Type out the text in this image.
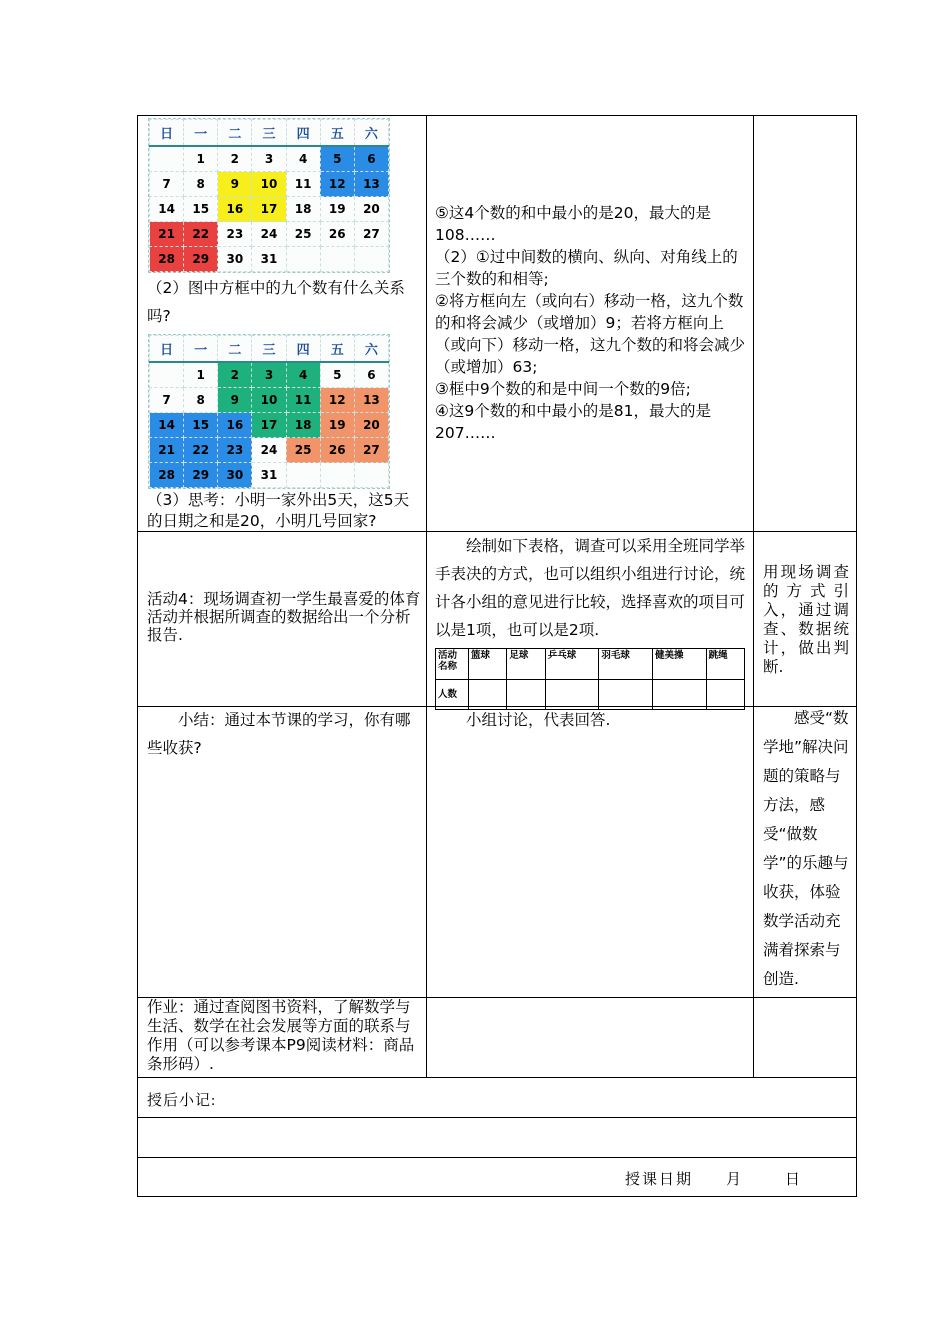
日	一	二	三	四	五	六
	1	2	3	4	5	6
7	8	9	10	11	12	13
14	15	16	17	18	19	20
21	22	23	24	25	26	27
28	29	30	31			
（2）图中方框中的九个数有什么关系吗?
日	一	二	三	四	五	六
	1	2	3	4	5	6
7	8	9	10	11	12	13
14	15	16	17	18	19	20
21	22	23	24	25	26	27
28	29	30	31			
（3）思考：小明一家外出5天，这5天的日期之和是20，小明几号回家?

⑤这4个数的和中最小的是20，最大的是108……

（2）①过中间数的横向、纵向、对角线上的三个数的和相等;

②将方框向左（或向右）移动一格，这九个数的和将会减少（或增加）9；若将方框向上（或向下）移动一格，这九个数的和将会减少（或增加）63;

③框中9个数的和是中间一个数的9倍;

④这9个数的和中最小的是81，最大的是207……

活动4：现场调查初一学生最喜爱的体育活动并根据所调查的数据给出一个分析报告.
绘制如下表格，调查可以采用全班同学举手表决的方式，也可以组织小组进行讨论，统计各小组的意见进行比较，选择喜欢的项目可以是1项，也可以是2项.
活动名称	篮球	足球	乒乓球	羽毛球	健美操	跳绳
人数						
用现场调查的方式引入，通过调查、数据统计，做出判断.
小结：通过本节课的学习，你有哪些收获?
小组讨论，代表回答.	感受“数学地”解决问题的策略与方法，感受“做数学”的乐趣与收获，体验数学活动充满着探索与创造.
作业：通过查阅图书资料，了解数学与生活、数学在社会发展等方面的联系与作用（可以参考课本P9阅读材料：商品条形码）.
授后小记:
授课日期 月	日
